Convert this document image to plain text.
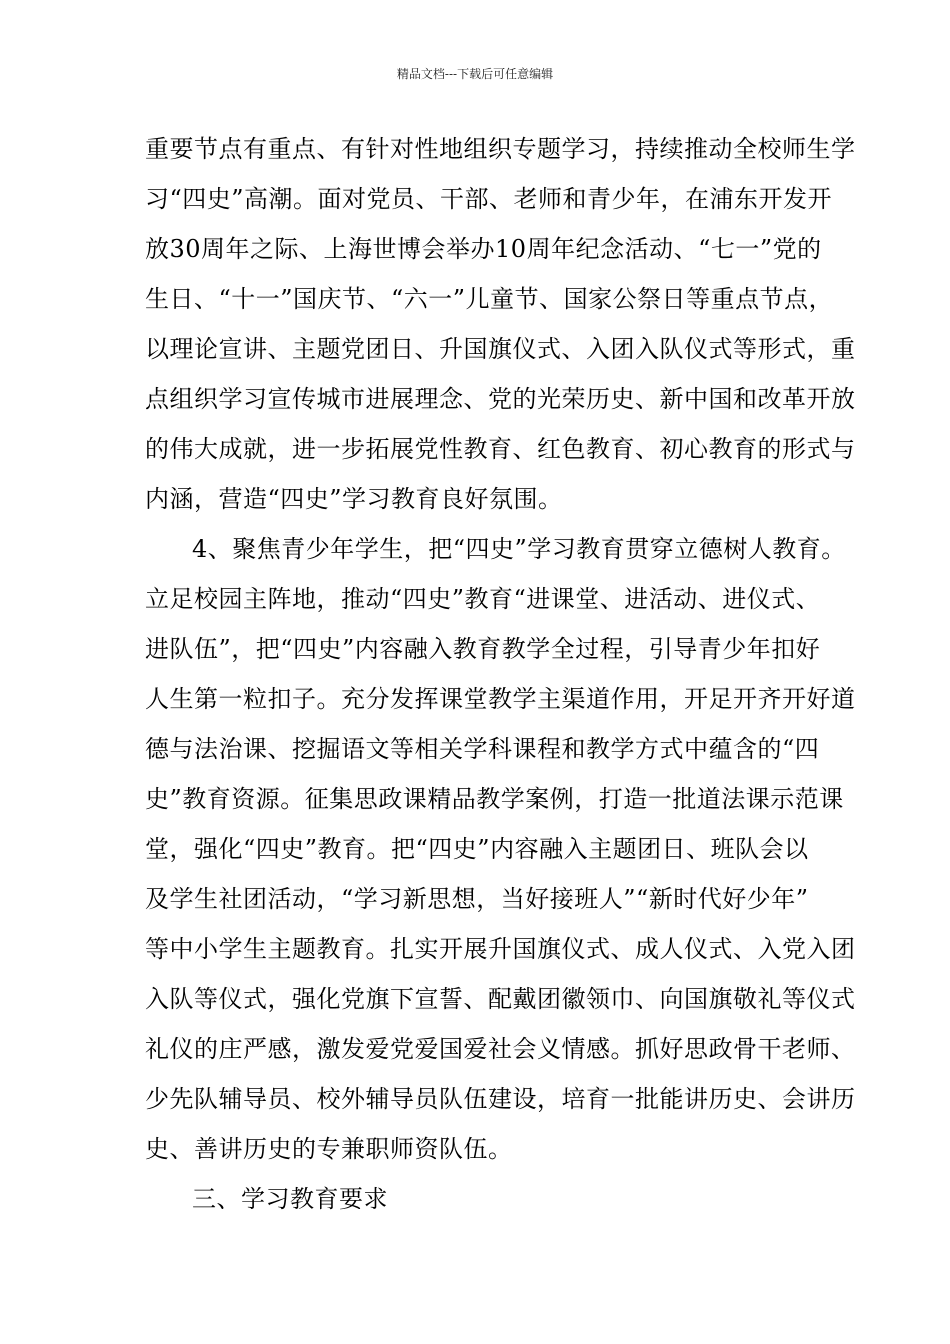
精品文档---下载后可任意编辑
重要节点有重点、有针对性地组织专题学习，持续推动全校师生学
习“四史”高潮。面对党员、干部、老师和青少年，在浦东开发开
放30周年之际、上海世博会举办10周年纪念活动、“七一”党的
生日、“十一”国庆节、“六一”儿童节、国家公祭日等重点节点，
以理论宣讲、主题党团日、升国旗仪式、入团入队仪式等形式，重
点组织学习宣传城市进展理念、党的光荣历史、新中国和改革开放
的伟大成就，进一步拓展党性教育、红色教育、初心教育的形式与
内涵，营造“四史”学习教育良好氛围。
4、聚焦青少年学生，把“四史”学习教育贯穿立德树人教育。
立足校园主阵地，推动“四史”教育“进课堂、进活动、进仪式、
进队伍”，把“四史”内容融入教育教学全过程，引导青少年扣好
人生第一粒扣子。充分发挥课堂教学主渠道作用，开足开齐开好道
德与法治课、挖掘语文等相关学科课程和教学方式中蕴含的“四
史”教育资源。征集思政课精品教学案例，打造一批道法课示范课
堂，强化“四史”教育。把“四史”内容融入主题团日、班队会以
及学生社团活动，“学习新思想，当好接班人”“新时代好少年”
等中小学生主题教育。扎实开展升国旗仪式、成人仪式、入党入团
入队等仪式，强化党旗下宣誓、配戴团徽领巾、向国旗敬礼等仪式
礼仪的庄严感，激发爱党爱国爱社会义情感。抓好思政骨干老师、
少先队辅导员、校外辅导员队伍建设，培育一批能讲历史、会讲历
史、善讲历史的专兼职师资队伍。
三、学习教育要求
